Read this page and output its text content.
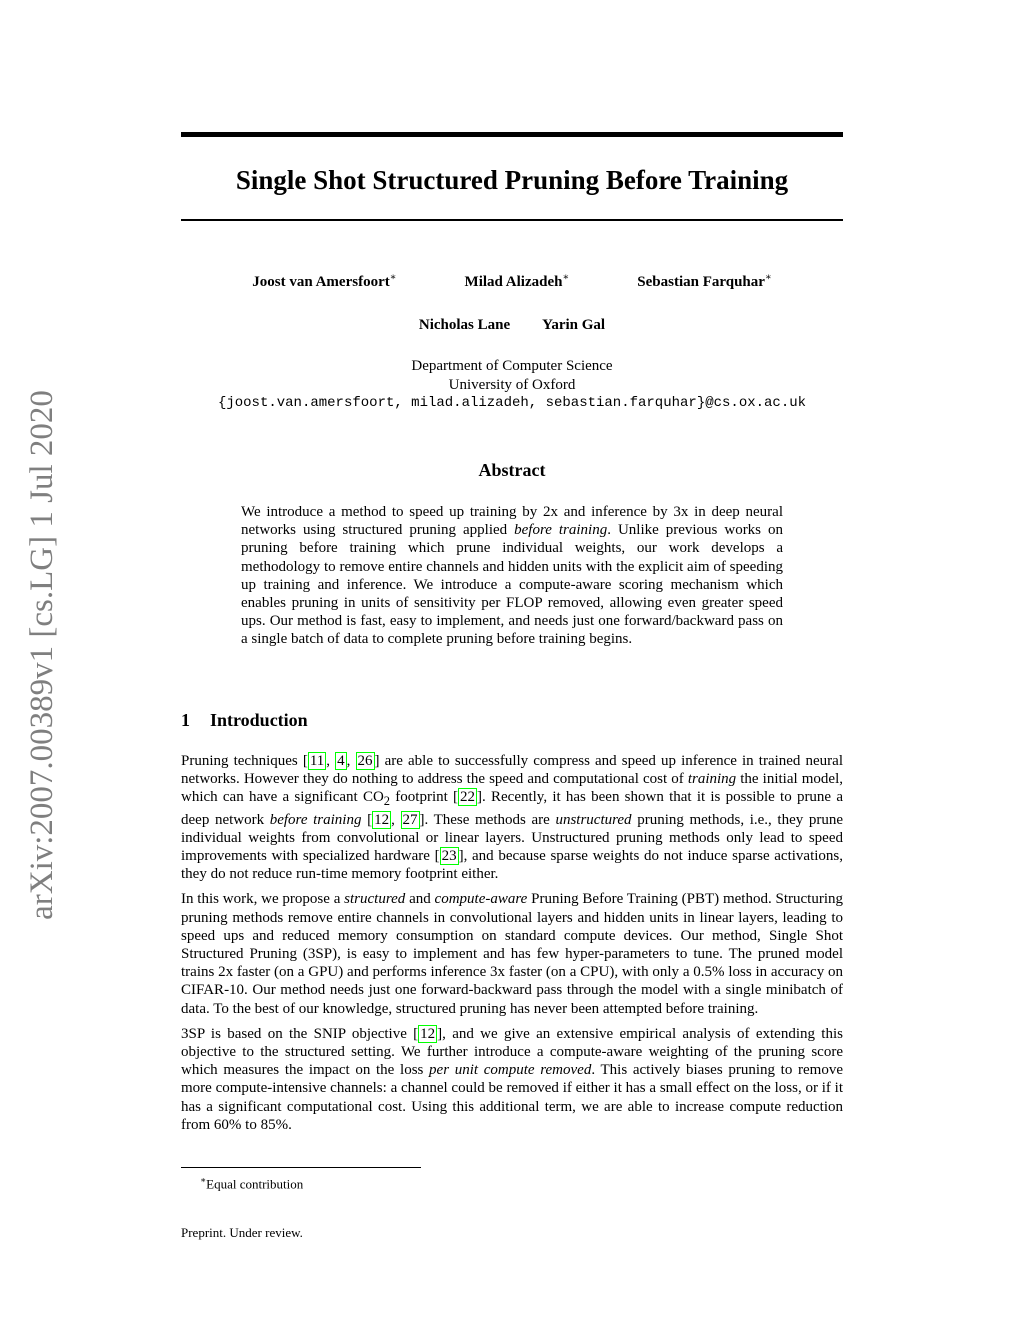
arXiv:2007.00389v1 [cs.LG] 1 Jul 2020
Single Shot Structured Pruning Before Training
Joost van Amersfoort∗	Milad Alizadeh∗	Sebastian Farquhar∗
Nicholas Lane Yarin Gal
Department of Computer Science
University of Oxford
{joost.van.amersfoort, milad.alizadeh, sebastian.farquhar}@cs.ox.ac.uk
Abstract

We introduce a method to speed up training by 2x and inference by 3x in deep neural networks using structured pruning applied before training. Unlike previous works on pruning before training which prune individual weights, our work develops a methodology to remove entire channels and hidden units with the explicit aim of speeding up training and inference. We introduce a compute-aware scoring mechanism which enables pruning in units of sensitivity per FLOP removed, allowing even greater speed ups. Our method is fast, easy to implement, and needs just one forward/backward pass on a single batch of data to complete pruning before training begins.

1 Introduction

Pruning techniques [ 11 , 4 , 26 ] are able to successfully compress and speed up inference in trained neural networks. However they do nothing to address the speed and computational cost of training the initial model, which can have a significant $CO_2$ footprint [ 22 ]. Recently, it has been shown that it is possible to prune a deep network before training [ 12 , 27 ]. These methods are unstructured pruning methods, i.e., they prune individual weights from convolutional or linear layers. Unstructured pruning methods only lead to speed improvements with specialized hardware [ 23 ], and because sparse weights do not induce sparse activations, they do not reduce run-time memory footprint either.

In this work, we propose a structured and compute-aware Pruning Before Training (PBT) method. Structuring pruning methods remove entire channels in convolutional layers and hidden units in linear layers, leading to speed ups and reduced memory consumption on standard compute devices. Our method, Single Shot Structured Pruning (3SP), is easy to implement and has few hyper-parameters to tune. The pruned model trains 2x faster (on a GPU) and performs inference 3x faster (on a CPU), with only a 0.5% loss in accuracy on CIFAR-10. Our method needs just one forward-backward pass through the model with a single minibatch of data. To the best of our knowledge, structured pruning has never been attempted before training.

3SP is based on the SNIP objective [ 12 ], and we give an extensive empirical analysis of extending this objective to the structured setting. We further introduce a compute-aware weighting of the pruning score which measures the impact on the loss per unit compute removed. This actively biases pruning to remove more compute-intensive channels: a channel could be removed if either it has a small effect on the loss, or if it has a significant computational cost. Using this additional term, we are able to increase compute reduction from 60% to 85%.

∗Equal contribution
Preprint. Under review.
